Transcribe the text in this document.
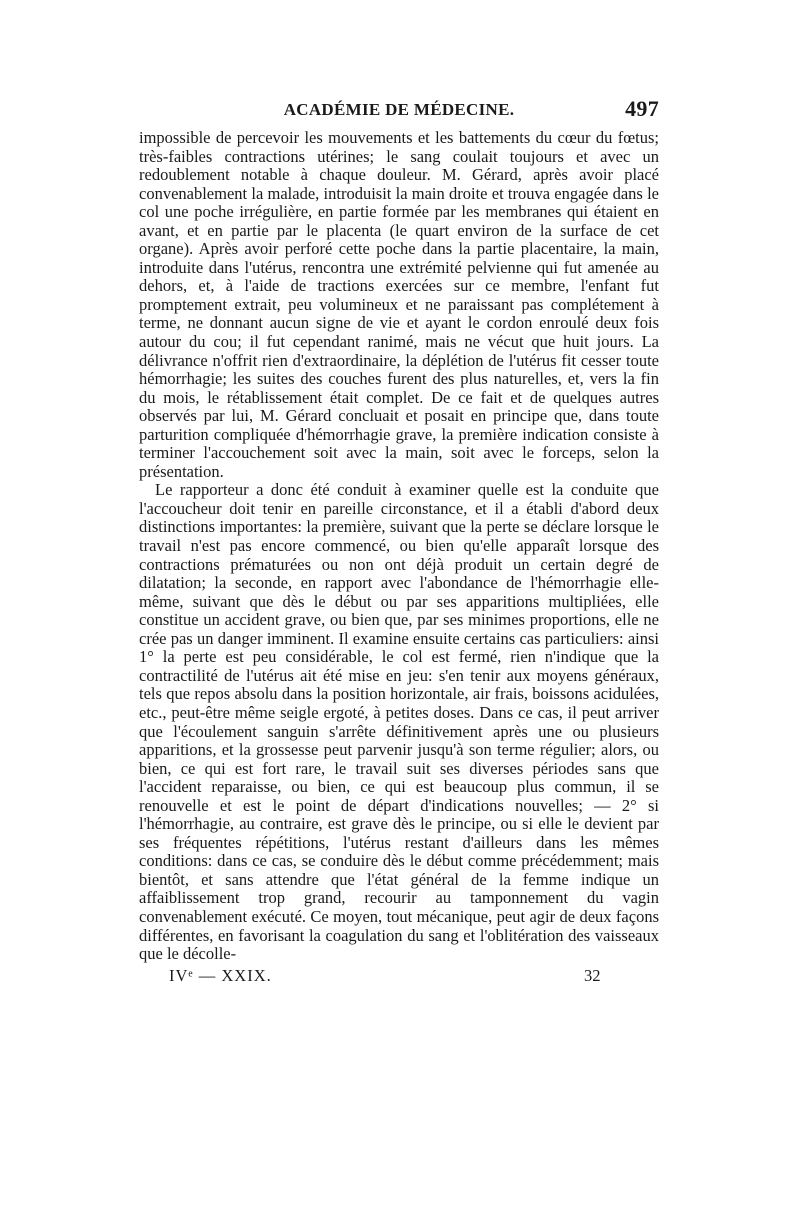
ACADÉMIE DE MÉDECINE.	497

impossible de percevoir les mouvements et les battements du cœur du fœtus; très-faibles contractions utérines; le sang coulait toujours et avec un redoublement notable à chaque douleur. M. Gérard, après avoir placé convenablement la malade, introduisit la main droite et trouva engagée dans le col une poche irrégulière, en partie formée par les membranes qui étaient en avant, et en partie par le placenta (le quart environ de la surface de cet organe). Après avoir perforé cette poche dans la partie placentaire, la main, introduite dans l'utérus, rencontra une extrémité pelvienne qui fut amenée au dehors, et, à l'aide de tractions exercées sur ce membre, l'enfant fut promptement extrait, peu volumineux et ne paraissant pas complétement à terme, ne donnant aucun signe de vie et ayant le cordon enroulé deux fois autour du cou; il fut cependant ranimé, mais ne vécut que huit jours. La délivrance n'offrit rien d'extraordinaire, la déplétion de l'utérus fit cesser toute hémorrhagie; les suites des couches furent des plus naturelles, et, vers la fin du mois, le rétablissement était complet. De ce fait et de quelques autres observés par lui, M. Gérard concluait et posait en principe que, dans toute parturition compliquée d'hémorrhagie grave, la première indication consiste à terminer l'accouchement soit avec la main, soit avec le forceps, selon la présentation.

Le rapporteur a donc été conduit à examiner quelle est la conduite que l'accoucheur doit tenir en pareille circonstance, et il a établi d'abord deux distinctions importantes: la première, suivant que la perte se déclare lorsque le travail n'est pas encore commencé, ou bien qu'elle apparaît lorsque des contractions prématurées ou non ont déjà produit un certain degré de dilatation; la seconde, en rapport avec l'abondance de l'hémorrhagie elle-même, suivant que dès le début ou par ses apparitions multipliées, elle constitue un accident grave, ou bien que, par ses minimes proportions, elle ne crée pas un danger imminent. Il examine ensuite certains cas particuliers: ainsi 1° la perte est peu considérable, le col est fermé, rien n'indique que la contractilité de l'utérus ait été mise en jeu: s'en tenir aux moyens généraux, tels que repos absolu dans la position horizontale, air frais, boissons acidulées, etc., peut-être même seigle ergoté, à petites doses. Dans ce cas, il peut arriver que l'écoulement sanguin s'arrête définitivement après une ou plusieurs apparitions, et la grossesse peut parvenir jusqu'à son terme régulier; alors, ou bien, ce qui est fort rare, le travail suit ses diverses périodes sans que l'accident reparaisse, ou bien, ce qui est beaucoup plus commun, il se renouvelle et est le point de départ d'indications nouvelles; — 2° si l'hémorrhagie, au contraire, est grave dès le principe, ou si elle le devient par ses fréquentes répétitions, l'utérus restant d'ailleurs dans les mêmes conditions: dans ce cas, se conduire dès le début comme précédemment; mais bientôt, et sans attendre que l'état général de la femme indique un affaiblissement trop grand, recourir au tamponnement du vagin convenablement exécuté. Ce moyen, tout mécanique, peut agir de deux façons différentes, en favorisant la coagulation du sang et l'oblitération des vaisseaux que le décolle-

IVᵉ — XXIX.	32
